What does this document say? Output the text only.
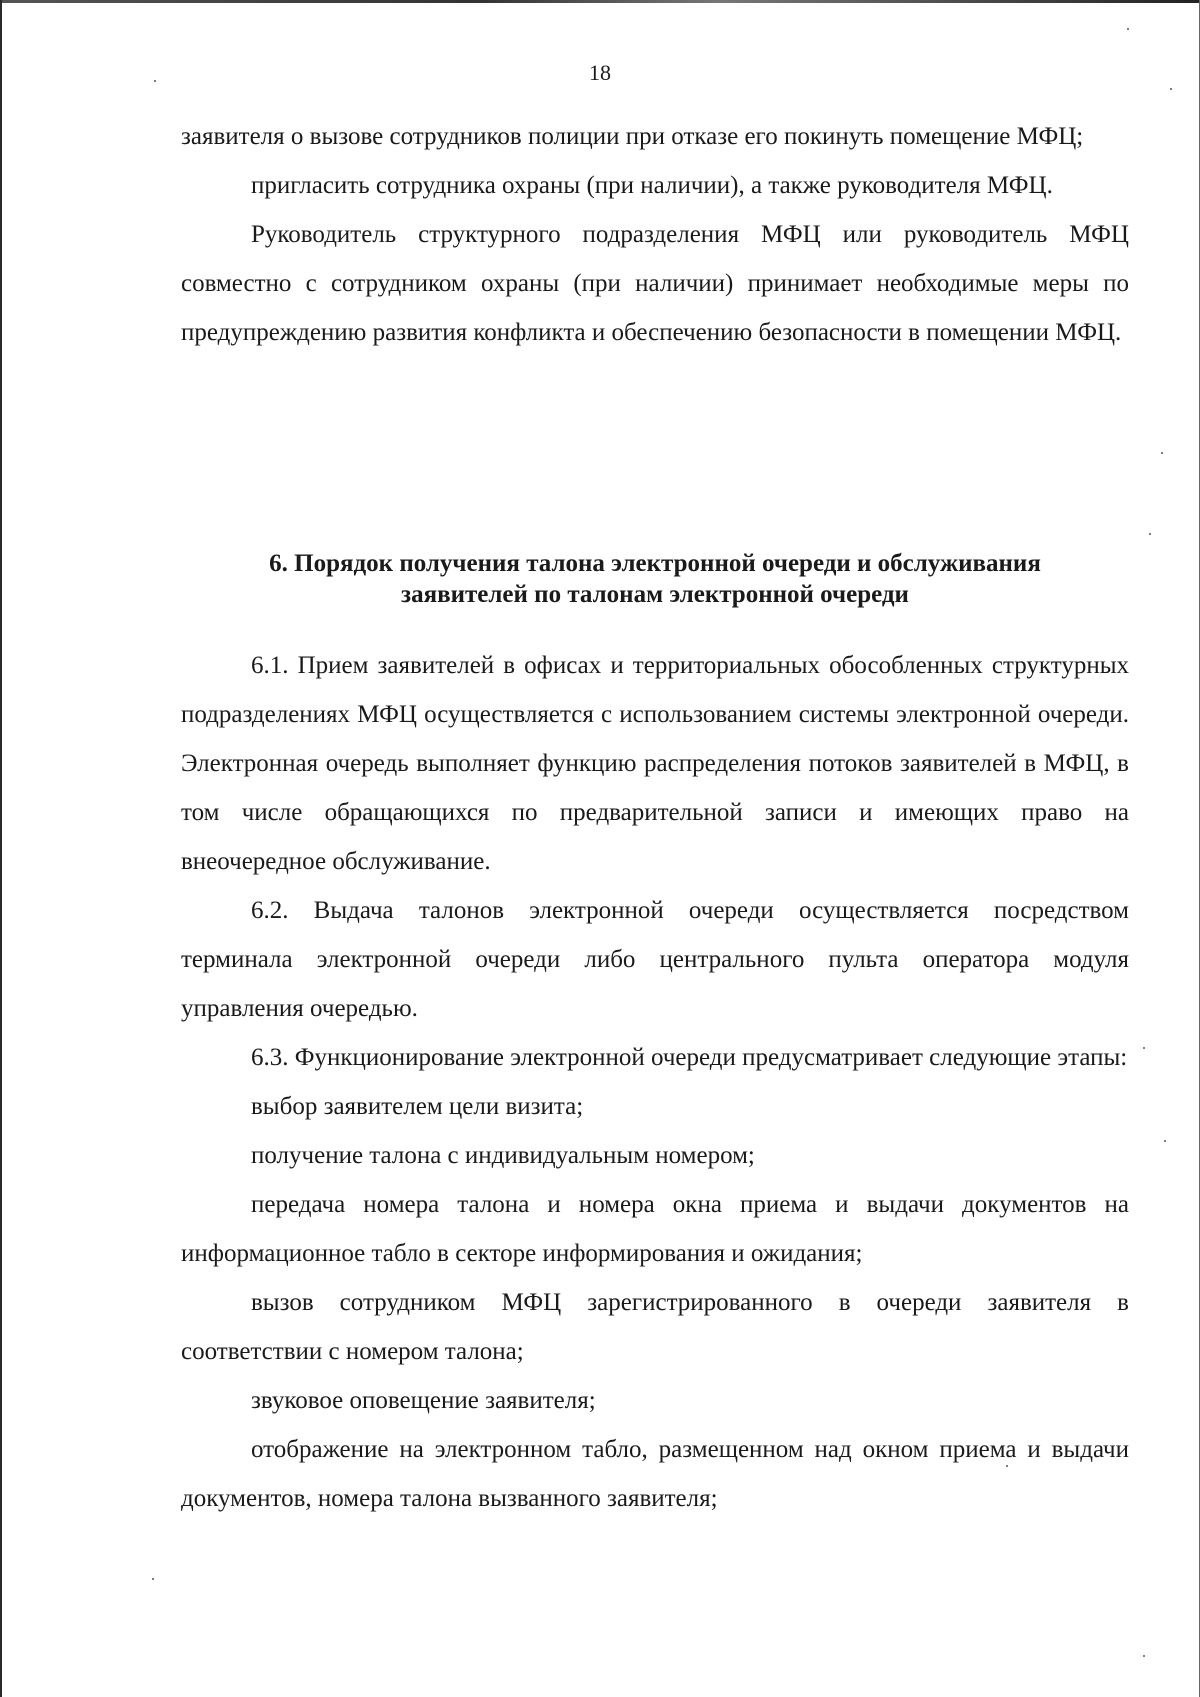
18

заявителя о вызове сотрудников полиции при отказе его покинуть помещение МФЦ;

пригласить сотрудника охраны (при наличии), а также руководителя МФЦ.

Руководитель структурного подразделения МФЦ или руководитель МФЦ совместно с сотрудником охраны (при наличии) принимает необходимые меры по предупреждению развития конфликта и обеспечению безопасности в помещении МФЦ.

6. Порядок получения талона электронной очереди и обслуживания
заявителей по талонам электронной очереди

6.1. Прием заявителей в офисах и территориальных обособленных структурных подразделениях МФЦ осуществляется с использованием системы электронной очереди. Электронная очередь выполняет функцию распределения потоков заявителей в МФЦ, в том числе обращающихся по предварительной записи и имеющих право на внеочередное обслуживание.

6.2. Выдача талонов электронной очереди осуществляется посредством терминала электронной очереди либо центрального пульта оператора модуля управления очередью.

6.3. Функционирование электронной очереди предусматривает следующие этапы:

выбор заявителем цели визита;

получение талона с индивидуальным номером;

передача номера талона и номера окна приема и выдачи документов на информационное табло в секторе информирования и ожидания;

вызов сотрудником МФЦ зарегистрированного в очереди заявителя в соответствии с номером талона;

звуковое оповещение заявителя;

отображение на электронном табло, размещенном над окном приема и выдачи документов, номера талона вызванного заявителя;
